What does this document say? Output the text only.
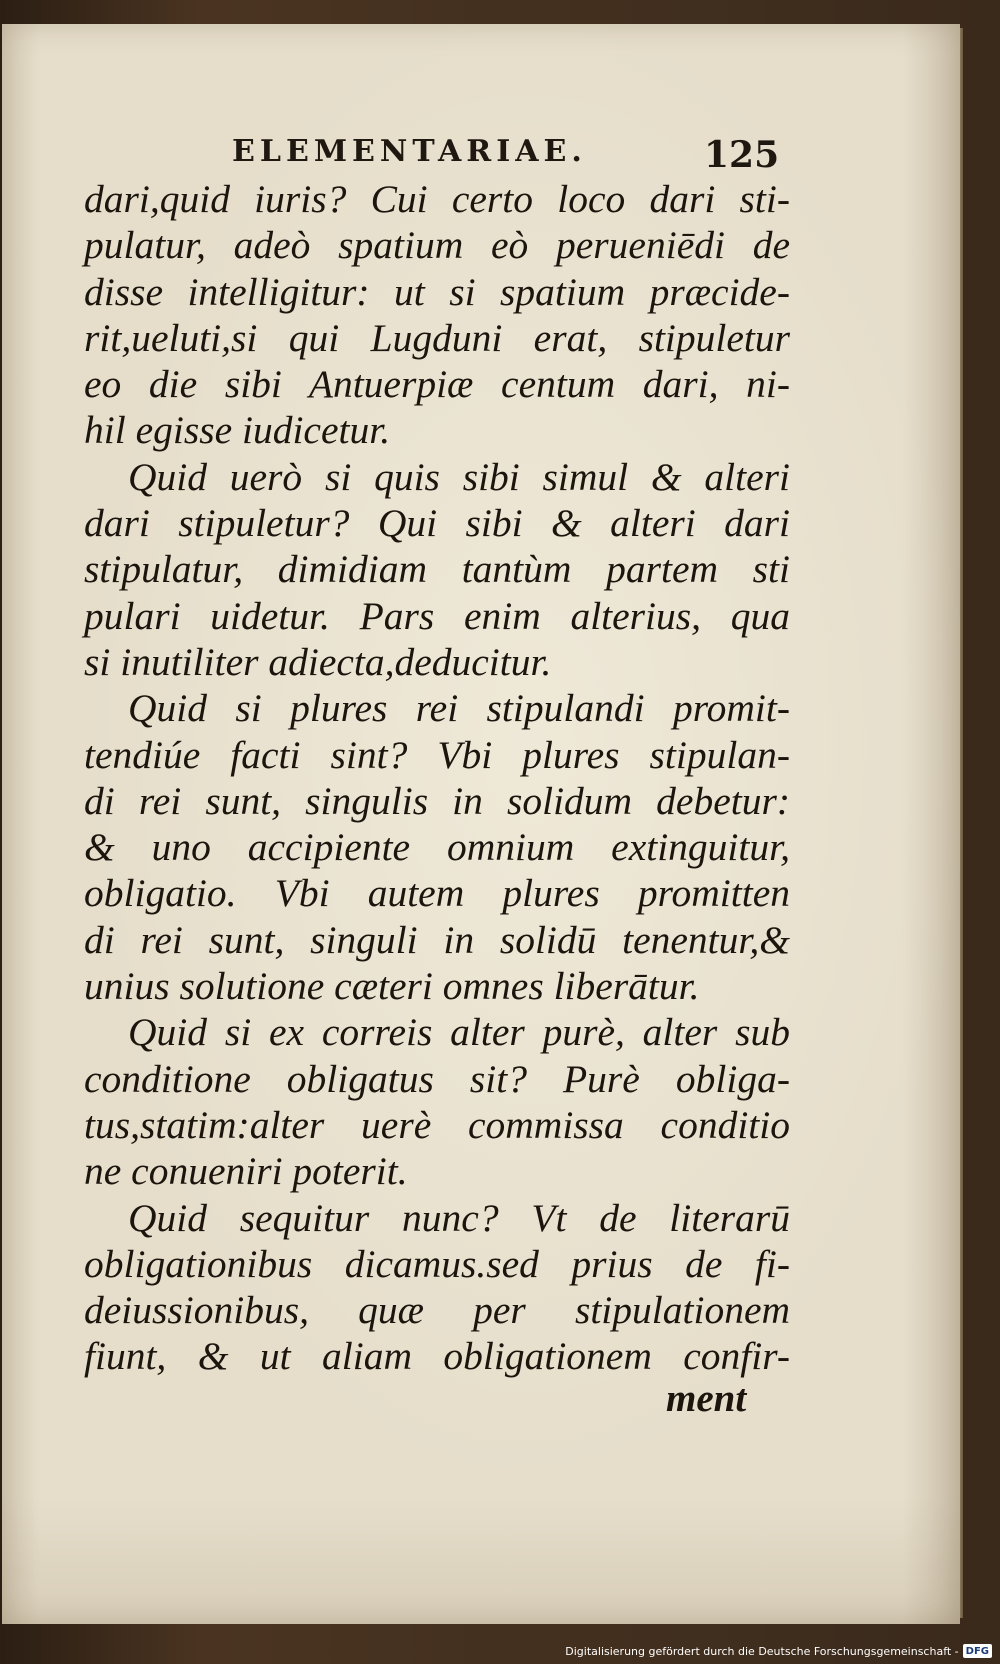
ELEMENTARIAE.	125
dari,quid iuris? Cui certo loco dari sti-
pulatur, adeò spatium eò perueniēdi de
disse intelligitur: ut si spatium præcide-
rit,ueluti,si qui Lugduni erat, stipuletur
eo die sibi Antuerpiæ centum dari, ni-
hil egisse iudicetur.
Quid uerò si quis sibi simul & alteri
dari stipuletur? Qui sibi & alteri dari
stipulatur, dimidiam tantùm partem sti
pulari uidetur. Pars enim alterius, qua
si inutiliter adiecta,deducitur.
Quid si plures rei stipulandi promit-
tendiúe facti sint? Vbi plures stipulan-
di rei sunt, singulis in solidum debetur:
& uno accipiente omnium extinguitur,
obligatio. Vbi autem plures promitten
di rei sunt, singuli in solidū tenentur,&
unius solutione cæteri omnes liberātur.
Quid si ex correis alter purè, alter sub
conditione obligatus sit? Purè obliga-
tus,statim:alter uerè commissa conditio
ne conueniri poterit.
Quid sequitur nunc? Vt de literarū
obligationibus dicamus.sed prius de fi-
deiussionibus, quæ per stipulationem
fiunt, & ut aliam obligationem confir-
ment
Digitalisierung gefördert durch die Deutsche Forschungsgemeinschaft - DFG
